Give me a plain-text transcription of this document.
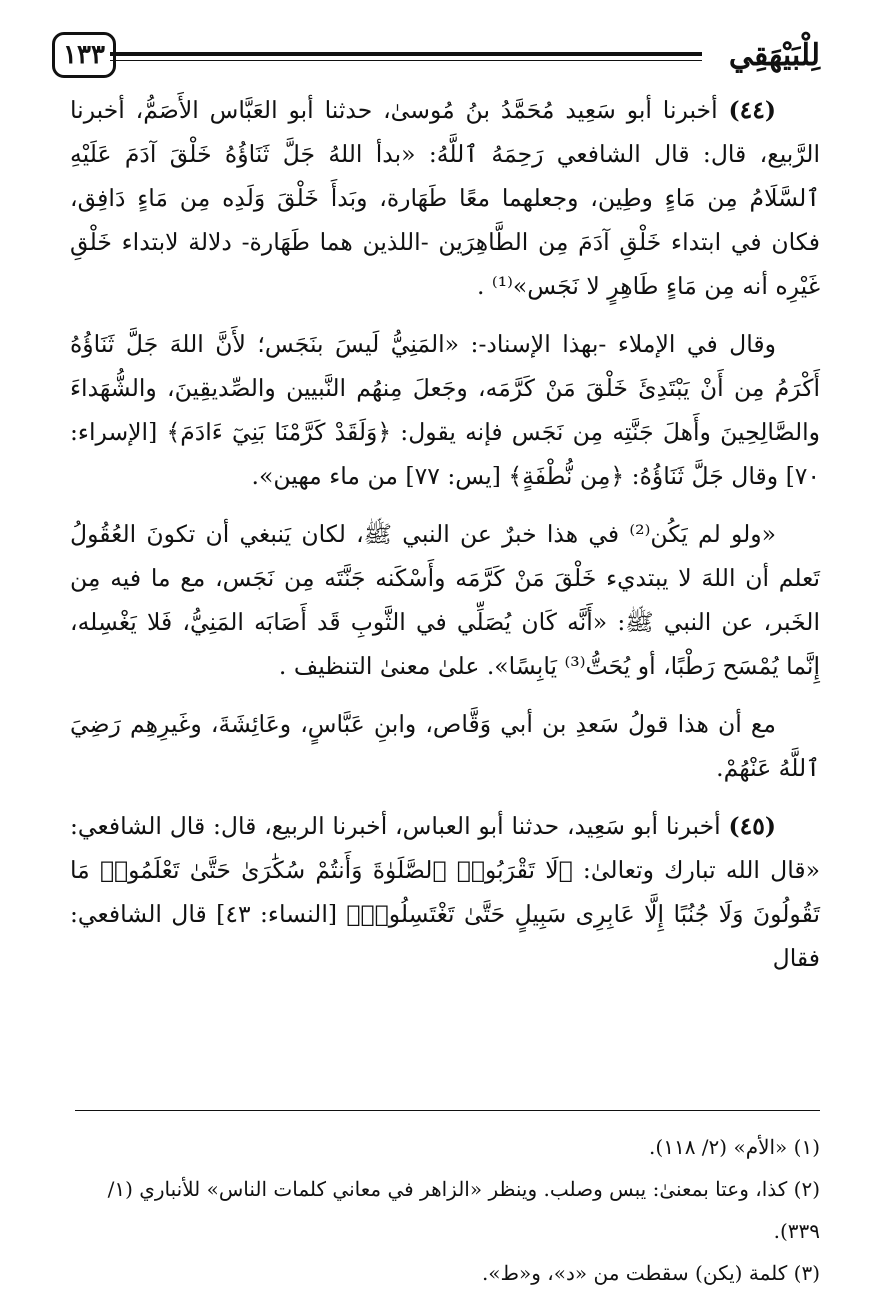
لِلْبَيْهَقِي
١٣٣

(٤٤) أخبرنا أبو سَعِيد مُحَمَّدُ بنُ مُوسىٰ، حدثنا أبو العَبَّاس الأَصَمُّ، أخبرنا الرَّبيع، قال: قال الشافعي رَحِمَهُ ٱللَّهُ: «بدأ اللهُ جَلَّ ثَنَاؤُهُ خَلْقَ آدَمَ عَلَيْهِ ٱلسَّلَامُ مِن مَاءٍ وطِين، وجعلهما معًا طَهَارة، وبَدأَ خَلْقَ وَلَدِه مِن مَاءٍ دَافِق، فكان في ابتداء خَلْقِ آدَمَ مِن الطَّاهِرَين -اللذين هما طَهَارة- دلالة لابتداء خَلْقِ غَيْرِه أنه مِن مَاءٍ طَاهِرٍ لا نَجَس»⁽¹⁾ .

وقال في الإملاء -بهذا الإسناد-: «المَنِيُّ لَيسَ بنَجَس؛ لأَنَّ اللهَ جَلَّ ثَنَاؤُهُ أَكْرَمُ مِن أَنْ يَبْتَدِئَ خَلْقَ مَنْ كَرَّمَه، وجَعلَ مِنهُم النَّبيين والصِّديقِينَ، والشُّهَداءَ والصَّالِحِينَ وأَهلَ جَنَّتِه مِن نَجَس فإنه يقول: ﴿وَلَقَدْ كَرَّمْنَا بَنِيٓ ءَادَمَ﴾ [الإسراء: ٧٠] وقال جَلَّ ثَنَاؤُهُ: ﴿مِن نُّطْفَةٍ﴾ [يس: ٧٧] من ماء مهين».

«ولو لم يَكُن⁽²⁾ في هذا خبرٌ عن النبي ﷺ، لكان يَنبغي أن تكونَ العُقُولُ تَعلم أن اللهَ لا يبتديء خَلْقَ مَنْ كَرَّمَه وأَسْكَنه جَنَّتَه مِن نَجَس، مع ما فيه مِن الخَبر، عن النبي ﷺ: «أَنَّه كَان يُصَلِّي في الثَّوبِ قَد أَصَابَه المَنِيُّ، فَلا يَغْسِله، إِنَّما يُمْسَح رَطْبًا، أو يُحَتُّ⁽³⁾ يَابِسًا». علىٰ معنىٰ التنظيف .

مع أن هذا قولُ سَعدِ بن أبي وَقَّاص، وابنِ عَبَّاسٍ، وعَائِشَةَ، وغَيرِهِم رَضِيَ ٱللَّهُ عَنْهُمْ.

(٤٥) أخبرنا أبو سَعِيد، حدثنا أبو العباس، أخبرنا الربيع، قال: قال الشافعي: «قال الله تبارك وتعالىٰ: ﴿لَا تَقْرَبُوا۟ ٱلصَّلَوٰةَ وَأَنتُمْ سُكَٰرَىٰ حَتَّىٰ تَعْلَمُوا۟ مَا تَقُولُونَ وَلَا جُنُبًا إِلَّا عَابِرِى سَبِيلٍ حَتَّىٰ تَغْتَسِلُوا۟﴾ [النساء: ٤٣] قال الشافعي: فقال

(١) «الأم» (٢/ ١١٨).

(٢) كذا، وعتا بمعنىٰ: يبس وصلب. وينظر «الزاهر في معاني كلمات الناس» للأنباري (١/ ٣٣٩).

(٣) كلمة (يكن) سقطت من «د»، و«ط».
